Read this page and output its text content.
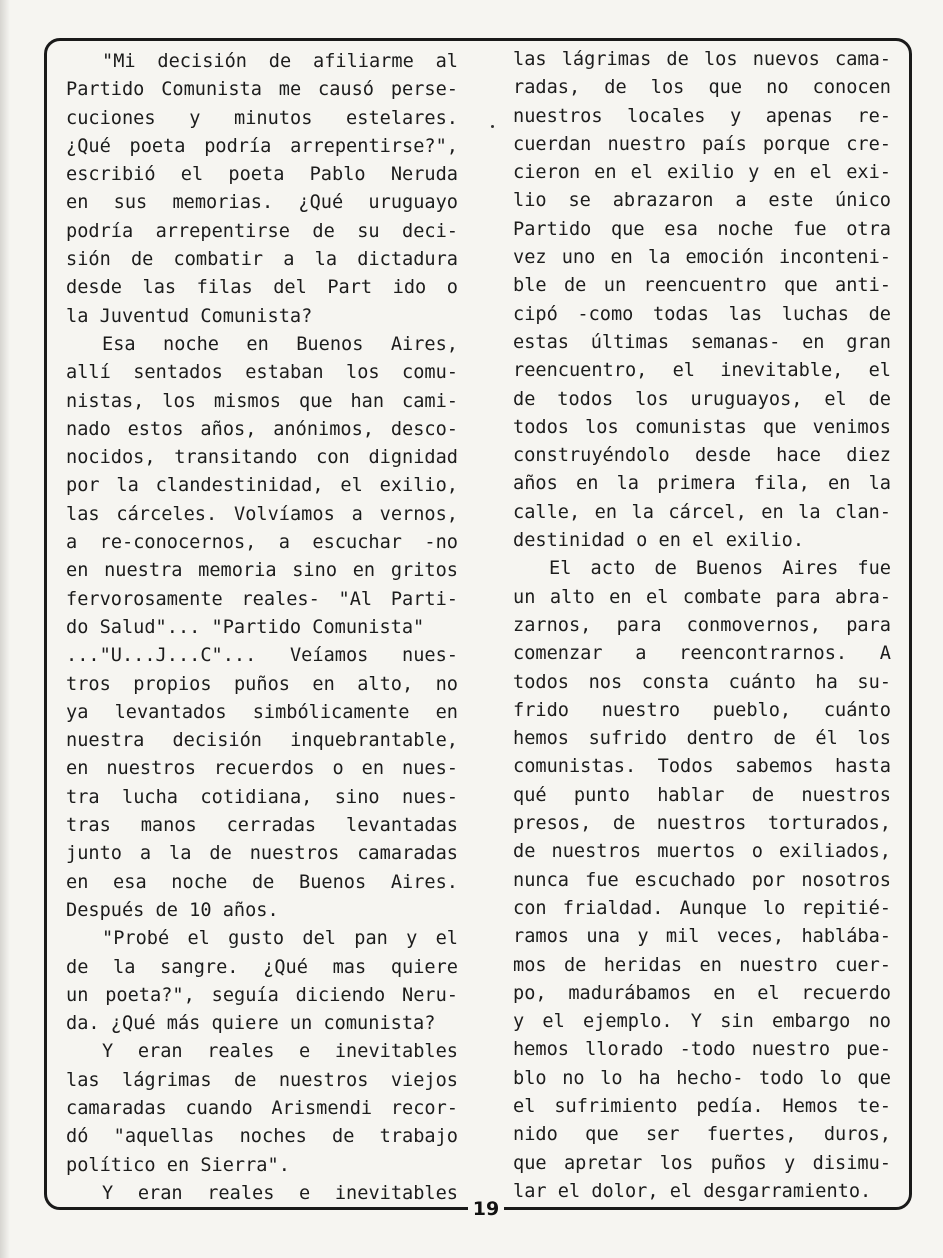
"Mi decisión de afiliarme al
Partido Comunista me causó perse-
cuciones y minutos estelares.
¿Qué poeta podría arrepentirse?",
escribió el poeta Pablo Neruda
en sus memorias. ¿Qué uruguayo
podría arrepentirse de su deci-
sión de combatir a la dictadura
desde las filas del Part ido o
la Juventud Comunista?
Esa noche en Buenos Aires,
allí sentados estaban los comu-
nistas, los mismos que han cami-
nado estos años, anónimos, desco-
nocidos, transitando con dignidad
por la clandestinidad, el exilio,
las cárceles. Volvíamos a vernos,
a re-conocernos, a escuchar -no
en nuestra memoria sino en gritos
fervorosamente reales- "Al Parti-
do Salud"... "Partido Comunista"
..."U...J...C"... Veíamos nues-
tros propios puños en alto, no
ya levantados simbólicamente en
nuestra decisión inquebrantable,
en nuestros recuerdos o en nues-
tra lucha cotidiana, sino nues-
tras manos cerradas levantadas
junto a la de nuestros camaradas
en esa noche de Buenos Aires.
Después de 10 años.
"Probé el gusto del pan y el
de la sangre. ¿Qué mas quiere
un poeta?", seguía diciendo Neru-
da. ¿Qué más quiere un comunista?
Y eran reales e inevitables
las lágrimas de nuestros viejos
camaradas cuando Arismendi recor-
dó "aquellas noches de trabajo
político en Sierra".
Y eran reales e inevitables
las lágrimas de los nuevos cama-
radas, de los que no conocen
nuestros locales y apenas re-
cuerdan nuestro país porque cre-
cieron en el exilio y en el exi-
lio se abrazaron a este único
Partido que esa noche fue otra
vez uno en la emoción inconteni-
ble de un reencuentro que anti-
cipó -como todas las luchas de
estas últimas semanas- en gran
reencuentro, el inevitable, el
de todos los uruguayos, el de
todos los comunistas que venimos
construyéndolo desde hace diez
años en la primera fila, en la
calle, en la cárcel, en la clan-
destinidad o en el exilio.
El acto de Buenos Aires fue
un alto en el combate para abra-
zarnos, para conmovernos, para
comenzar a reencontrarnos. A
todos nos consta cuánto ha su-
frido nuestro pueblo, cuánto
hemos sufrido dentro de él los
comunistas. Todos sabemos hasta
qué punto hablar de nuestros
presos, de nuestros torturados,
de nuestros muertos o exiliados,
nunca fue escuchado por nosotros
con frialdad. Aunque lo repitié-
ramos una y mil veces, hablába-
mos de heridas en nuestro cuer-
po, madurábamos en el recuerdo
y el ejemplo. Y sin embargo no
hemos llorado -todo nuestro pue-
blo no lo ha hecho- todo lo que
el sufrimiento pedía. Hemos te-
nido que ser fuertes, duros,
que apretar los puños y disimu-
lar el dolor, el desgarramiento.
19
